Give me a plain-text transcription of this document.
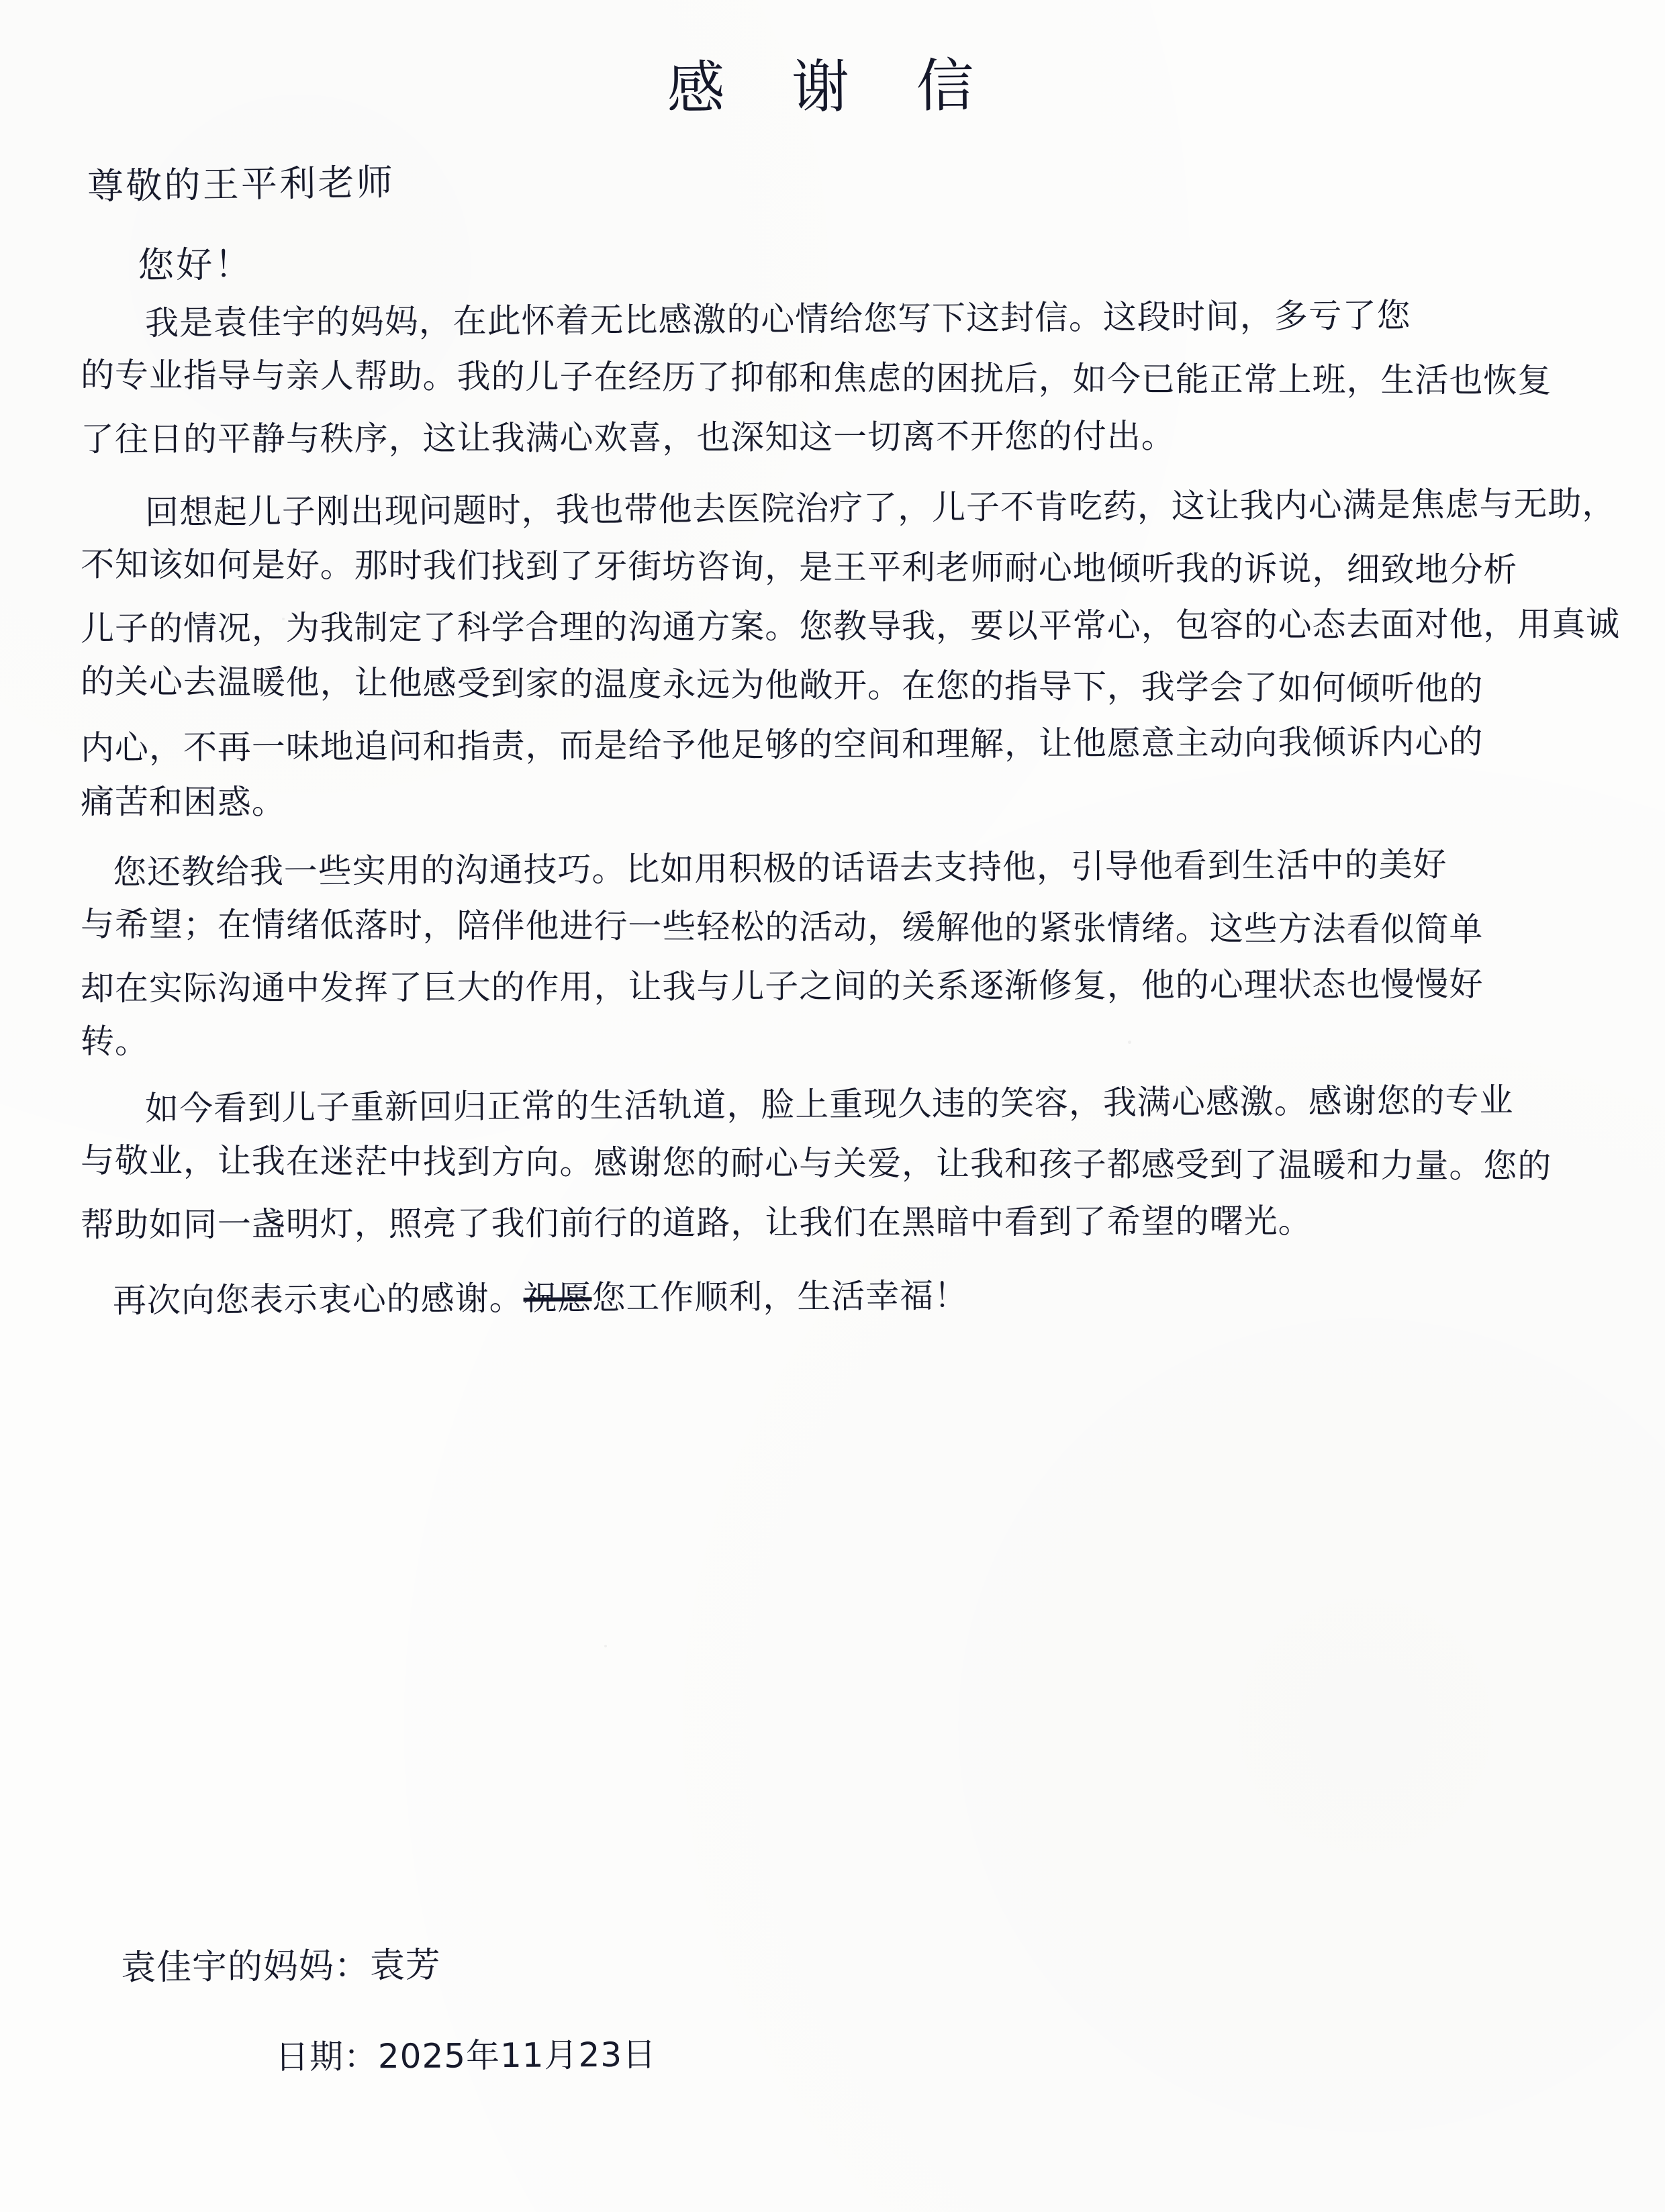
感 谢 信
尊敬的王平利老师
您好！
我是袁佳宇的妈妈，在此怀着无比感激的心情给您写下这封信。这段时间，多亏了您
的专业指导与亲人帮助。我的儿子在经历了抑郁和焦虑的困扰后，如今已能正常上班，生活也恢复
了往日的平静与秩序，这让我满心欢喜，也深知这一切离不开您的付出。
回想起儿子刚出现问题时，我也带他去医院治疗了，儿子不肯吃药，这让我内心满是焦虑与无助，
不知该如何是好。那时我们找到了牙街坊咨询，是王平利老师耐心地倾听我的诉说，细致地分析
儿子的情况，为我制定了科学合理的沟通方案。您教导我，要以平常心，包容的心态去面对他，用真诚
的关心去温暖他，让他感受到家的温度永远为他敞开。在您的指导下，我学会了如何倾听他的
内心，不再一味地追问和指责，而是给予他足够的空间和理解，让他愿意主动向我倾诉内心的
痛苦和困惑。
您还教给我一些实用的沟通技巧。比如用积极的话语去支持他，引导他看到生活中的美好
与希望；在情绪低落时，陪伴他进行一些轻松的活动，缓解他的紧张情绪。这些方法看似简单
却在实际沟通中发挥了巨大的作用，让我与儿子之间的关系逐渐修复，他的心理状态也慢慢好
转。
如今看到儿子重新回归正常的生活轨道，脸上重现久违的笑容，我满心感激。感谢您的专业
与敬业，让我在迷茫中找到方向。感谢您的耐心与关爱，让我和孩子都感受到了温暖和力量。您的
帮助如同一盏明灯，照亮了我们前行的道路，让我们在黑暗中看到了希望的曙光。
再次向您表示衷心的感谢。祝愿您工作顺利，生活幸福！
袁佳宇的妈妈：袁芳
日期：2025年11月23日
